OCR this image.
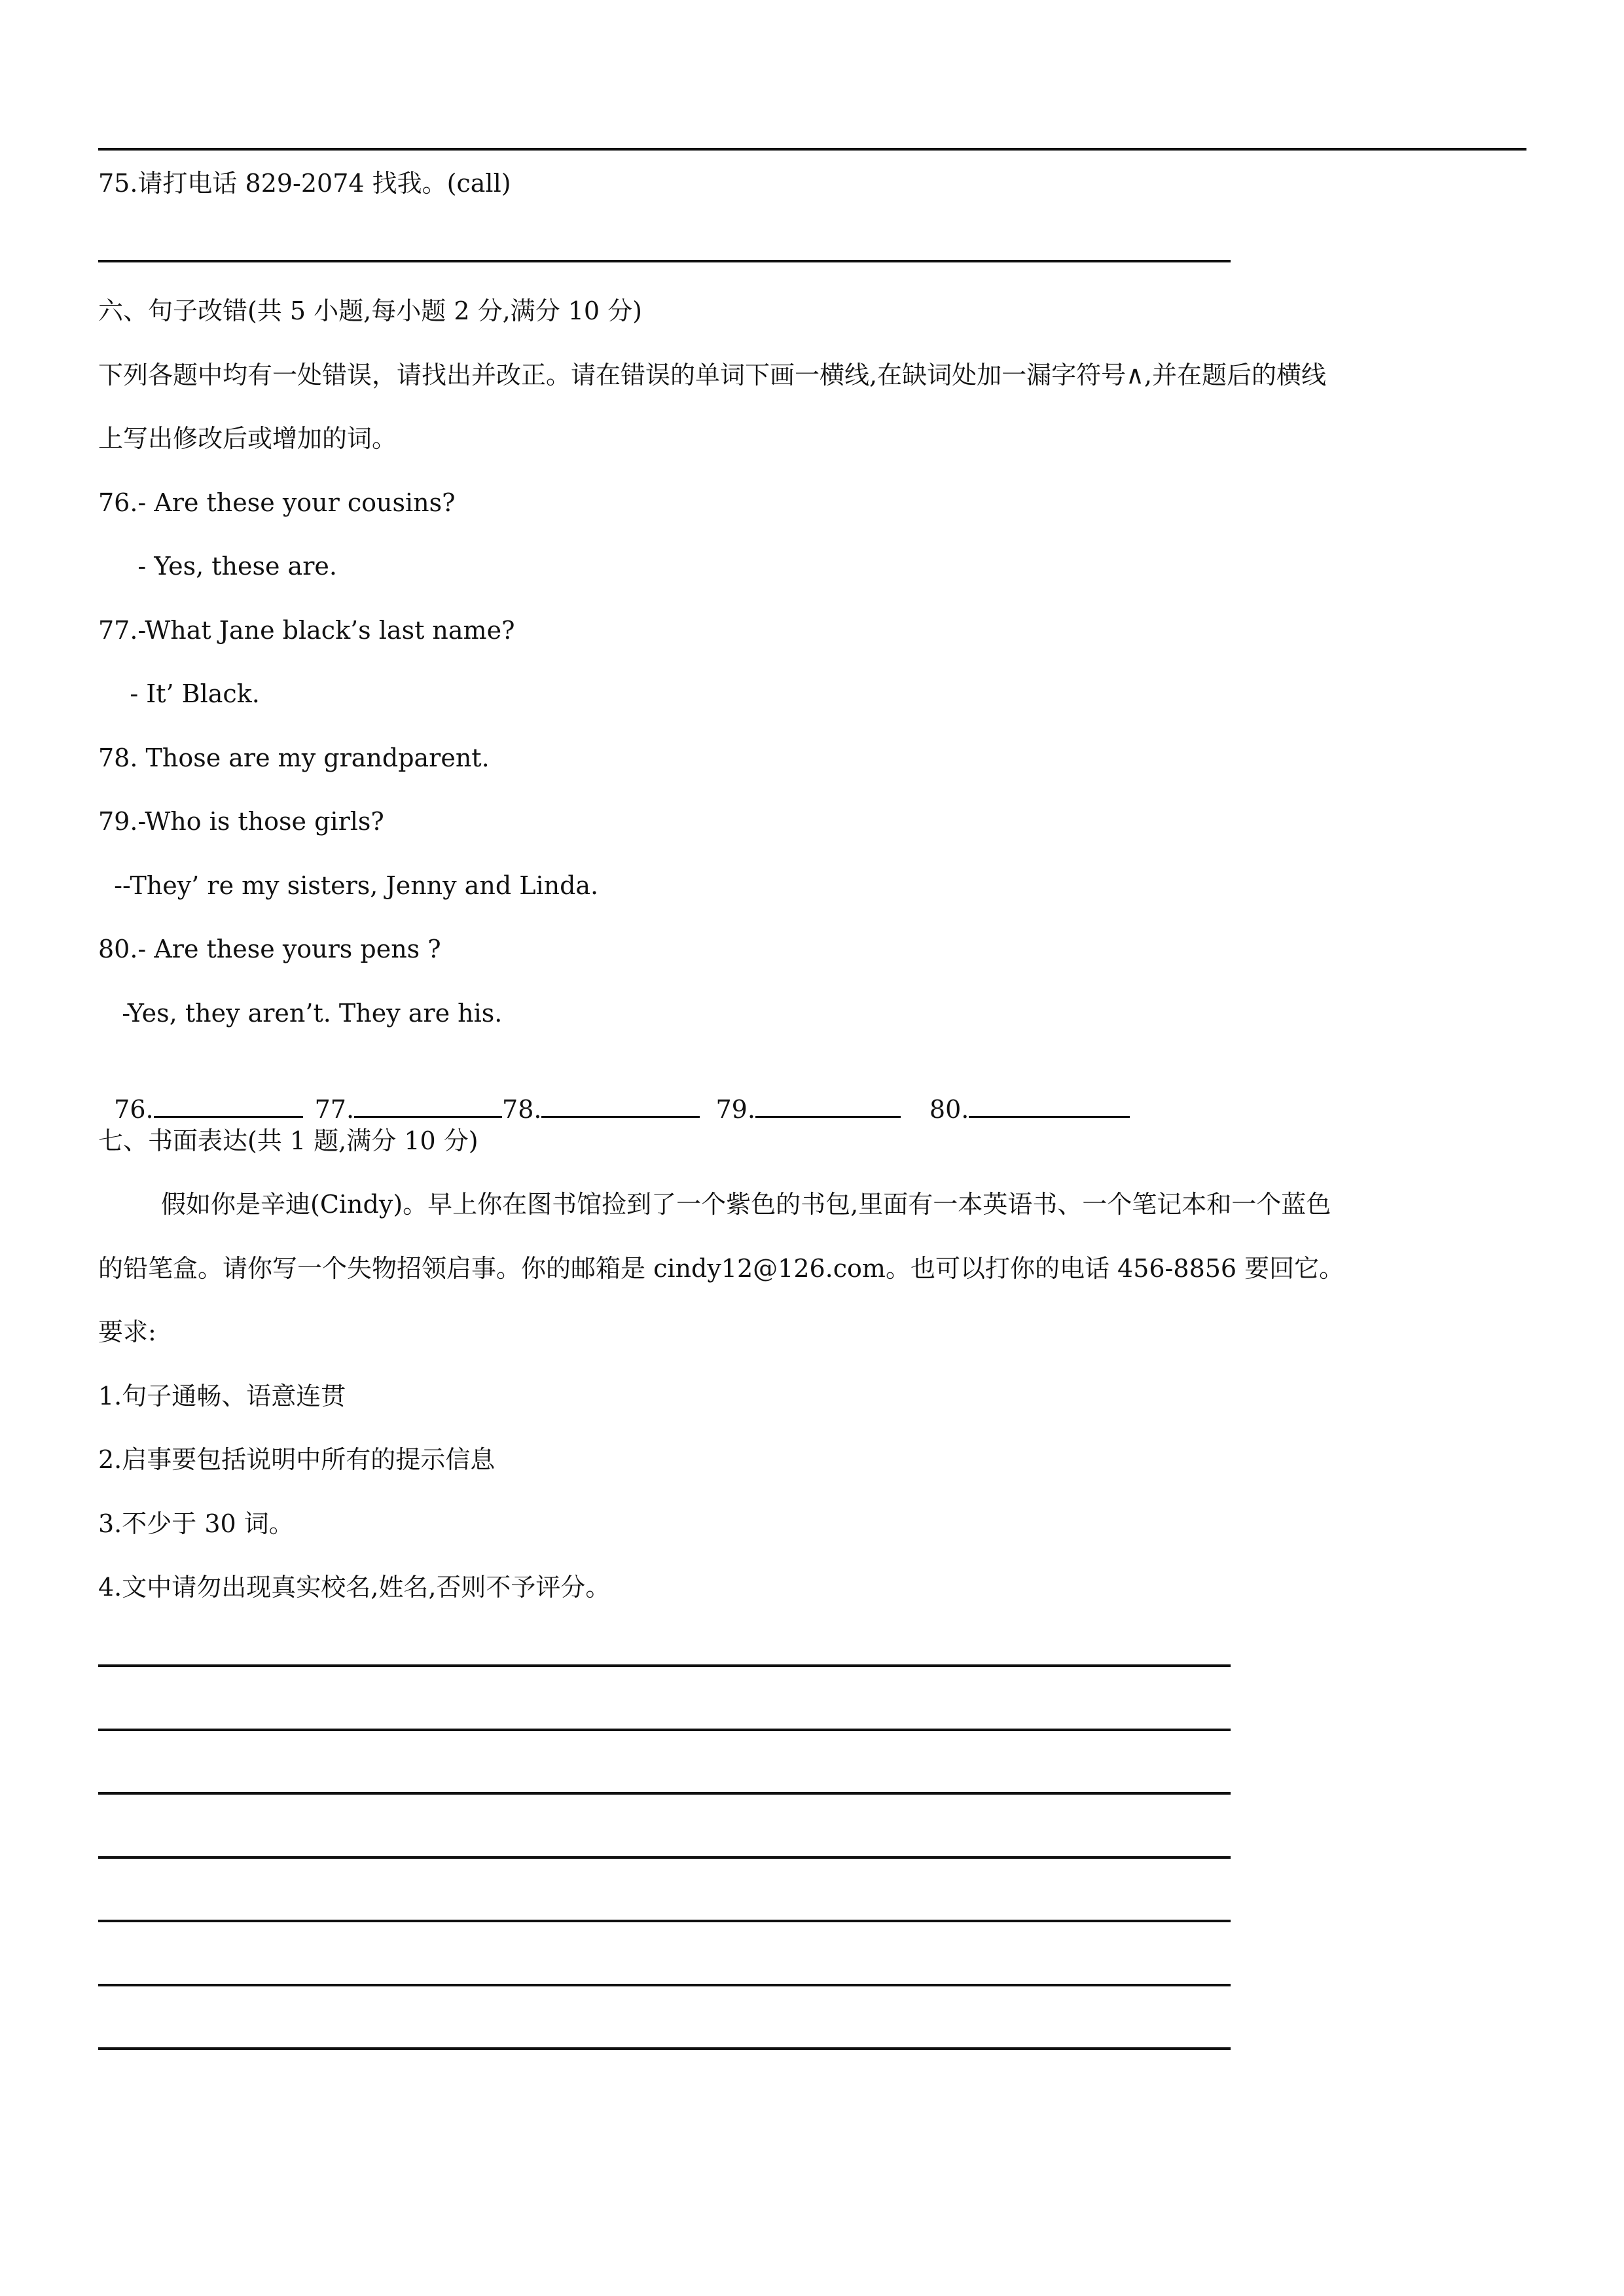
75.请打电话 829-2074 找我。(call)

六、句子改错(共 5 小题,每小题 2 分,满分 10 分)

下列各题中均有一处错误，请找出并改正。请在错误的单词下画一横线,在缺词处加一漏字符号∧,并在题后的横线

上写出修改后或增加的词。

76.- Are these your cousins?

- Yes, these are.

77.-What Jane black’s last name?

- It’ Black.

78. Those are my grandparent.

79.-Who is those girls?

--They’ re my sisters, Jenny and Linda.

80.- Are these yours pens ?

-Yes, they aren’t. They are his.

76.	77.	78.	79.	80.

七、书面表达(共 1 题,满分 10 分)

假如你是辛迪(Cindy)。早上你在图书馆捡到了一个紫色的书包,里面有一本英语书、一个笔记本和一个蓝色

的铅笔盒。请你写一个失物招领启事。你的邮箱是 cindy12@126.com。也可以打你的电话 456-8856 要回它。

要求:

1.句子通畅、语意连贯

2.启事要包括说明中所有的提示信息

3.不少于 30 词。

4.文中请勿出现真实校名,姓名,否则不予评分。
